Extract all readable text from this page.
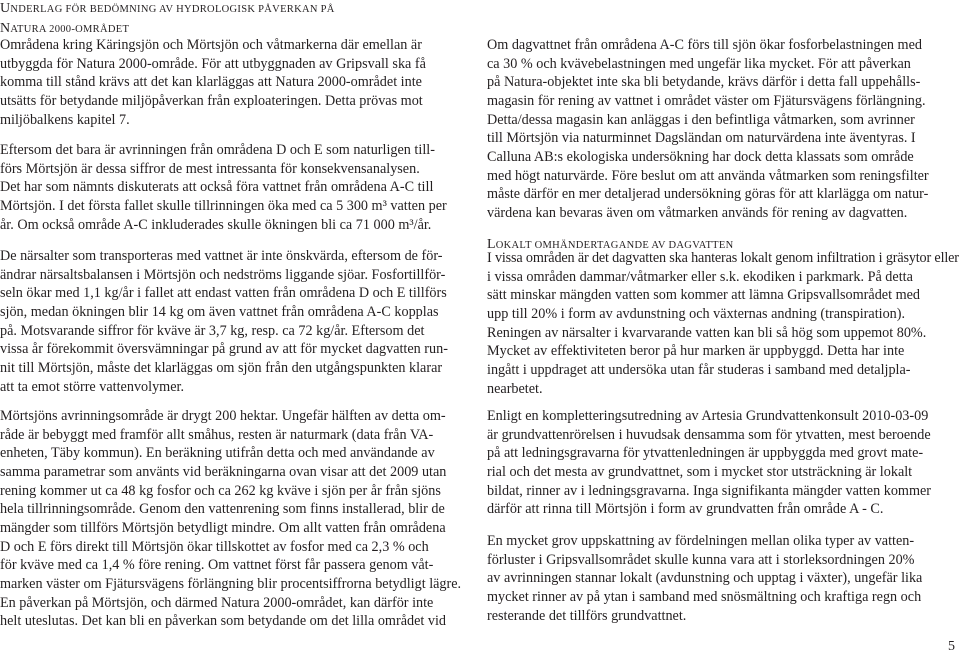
UNDERLAG FÖR BEDÖMNING AV HYDROLOGISK PÅVERKAN PÅ
NATURA 2000-OMRÅDET
Områdena kring Käringsjön och Mörtsjön och våtmarkerna där emellan är
utbyggda för Natura 2000-område. För att utbyggnaden av Gripsvall ska få
komma till stånd krävs att det kan klarläggas att Natura 2000-området inte
utsätts för betydande miljöpåverkan från exploateringen. Detta prövas mot
miljöbalkens kapitel 7.
Eftersom det bara är avrinningen från områdena D och E som naturligen till-
förs Mörtsjön är dessa siffror de mest intressanta för konsekvensanalysen.
Det har som nämnts diskuterats att också föra vattnet från områdena A-C till
Mörtsjön. I det första fallet skulle tillrinningen öka med ca 5 300 m³ vatten per
år. Om också område A-C inkluderades skulle ökningen bli ca 71 000 m³/år.
De närsalter som transporteras med vattnet är inte önskvärda, eftersom de för-
ändrar närsaltsbalansen i Mörtsjön och nedströms liggande sjöar. Fosfortillför-
seln ökar med 1,1 kg/år i fallet att endast vatten från områdena D och E tillförs
sjön, medan ökningen blir 14 kg om även vattnet från områdena A-C kopplas
på. Motsvarande siffror för kväve är 3,7 kg, resp. ca 72 kg/år. Eftersom det
vissa år förekommit översvämningar på grund av att för mycket dagvatten run-
nit till Mörtsjön, måste det klarläggas om sjön från den utgångspunkten klarar
att ta emot större vattenvolymer.
Mörtsjöns avrinningsområde är drygt 200 hektar. Ungefär hälften av detta om-
råde är bebyggt med framför allt småhus, resten är naturmark (data från VA-
enheten, Täby kommun). En beräkning utifrån detta och med användande av
samma parametrar som använts vid beräkningarna ovan visar att det 2009 utan
rening kommer ut ca 48 kg fosfor och ca 262 kg kväve i sjön per år från sjöns
hela tillrinningsområde. Genom den vattenrening som finns installerad, blir de
mängder som tillförs Mörtsjön betydligt mindre. Om allt vatten från områdena
D och E förs direkt till Mörtsjön ökar tillskottet av fosfor med ca 2,3 % och
för kväve med ca 1,4 % före rening. Om vattnet först får passera genom våt-
marken väster om Fjätursvägens förlängning blir procentsiffrorna betydligt lägre.
En påverkan på Mörtsjön, och därmed Natura 2000-området, kan därför inte
helt uteslutas. Det kan bli en påverkan som betydande om det lilla området vid
Om dagvattnet från områdena A-C förs till sjön ökar fosforbelastningen med
ca 30 % och kvävebelastningen med ungefär lika mycket. För att påverkan
på Natura-objektet inte ska bli betydande, krävs därför i detta fall uppehålls-
magasin för rening av vattnet i området väster om Fjätursvägens förlängning.
Detta/dessa magasin kan anläggas i den befintliga våtmarken, som avrinner
till Mörtsjön via naturminnet Dagsländan om naturvärdena inte äventyras. I
Calluna AB:s ekologiska undersökning har dock detta klassats som område
med högt naturvärde. Före beslut om att använda våtmarken som reningsfilter
måste därför en mer detaljerad undersökning göras för att klarlägga om natur-
värdena kan bevaras även om våtmarken används för rening av dagvatten.
LOKALT OMHÄNDERTAGANDE AV DAGVATTEN
I vissa områden är det dagvatten ska hanteras lokalt genom infiltration i gräsytor eller
i vissa områden dammar/våtmarker eller s.k. ekodiken i parkmark. På detta
sätt minskar mängden vatten som kommer att lämna Gripsvallsområdet med
upp till 20% i form av avdunstning och växternas andning (transpiration).
Reningen av närsalter i kvarvarande vatten kan bli så hög som uppemot 80%.
Mycket av effektiviteten beror på hur marken är uppbyggd. Detta har inte
ingått i uppdraget att undersöka utan får studeras i samband med detaljpla-
nearbetet.
Enligt en kompletteringsutredning av Artesia Grundvattenkonsult 2010-03-09
är grundvattenrörelsen i huvudsak densamma som för ytvatten, mest beroende
på att ledningsgravarna för ytvattenledningen är uppbyggda med grovt mate-
rial och det mesta av grundvattnet, som i mycket stor utsträckning är lokalt
bildat, rinner av i ledningsgravarna. Inga signifikanta mängder vatten kommer
därför att rinna till Mörtsjön i form av grundvatten från område A - C.
En mycket grov uppskattning av fördelningen mellan olika typer av vatten-
förluster i Gripsvallsområdet skulle kunna vara att i storleksordningen 20%
av avrinningen stannar lokalt (avdunstning och upptag i växter), ungefär lika
mycket rinner av på ytan i samband med snösmältning och kraftiga regn och
resterande det tillförs grundvattnet.
5
